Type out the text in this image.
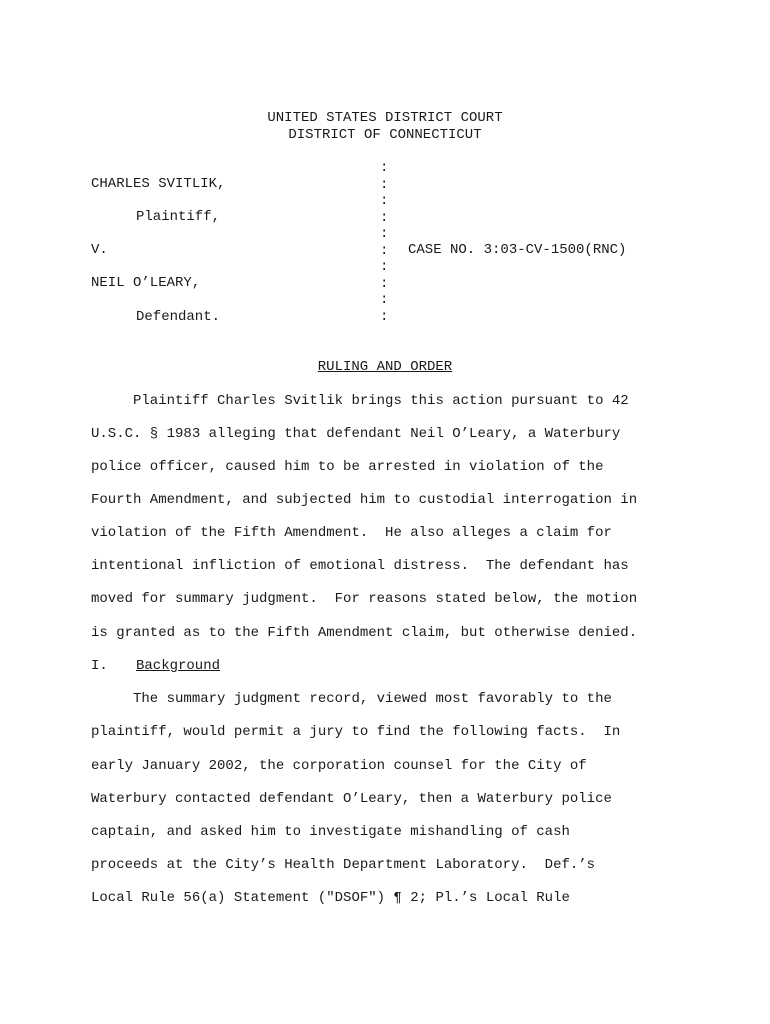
UNITED STATES DISTRICT COURT
DISTRICT OF CONNECTICUT
CHARLES SVITLIK,
Plaintiff,
V.
NEIL O’LEARY,
Defendant.
:
:
:
:
:
:
:
:
:
:
CASE NO. 3:03-CV-1500(RNC)
RULING AND ORDER
Plaintiff Charles Svitlik brings this action pursuant to 42
U.S.C. § 1983 alleging that defendant Neil O’Leary, a Waterbury
police officer, caused him to be arrested in violation of the
Fourth Amendment, and subjected him to custodial interrogation in
violation of the Fifth Amendment.  He also alleges a claim for
intentional infliction of emotional distress.  The defendant has
moved for summary judgment.  For reasons stated below, the motion
is granted as to the Fifth Amendment claim, but otherwise denied.
I. Background
The summary judgment record, viewed most favorably to the
plaintiff, would permit a jury to find the following facts.  In
early January 2002, the corporation counsel for the City of
Waterbury contacted defendant O’Leary, then a Waterbury police
captain, and asked him to investigate mishandling of cash
proceeds at the City’s Health Department Laboratory.  Def.’s
Local Rule 56(a) Statement ("DSOF") ¶ 2; Pl.’s Local Rule
